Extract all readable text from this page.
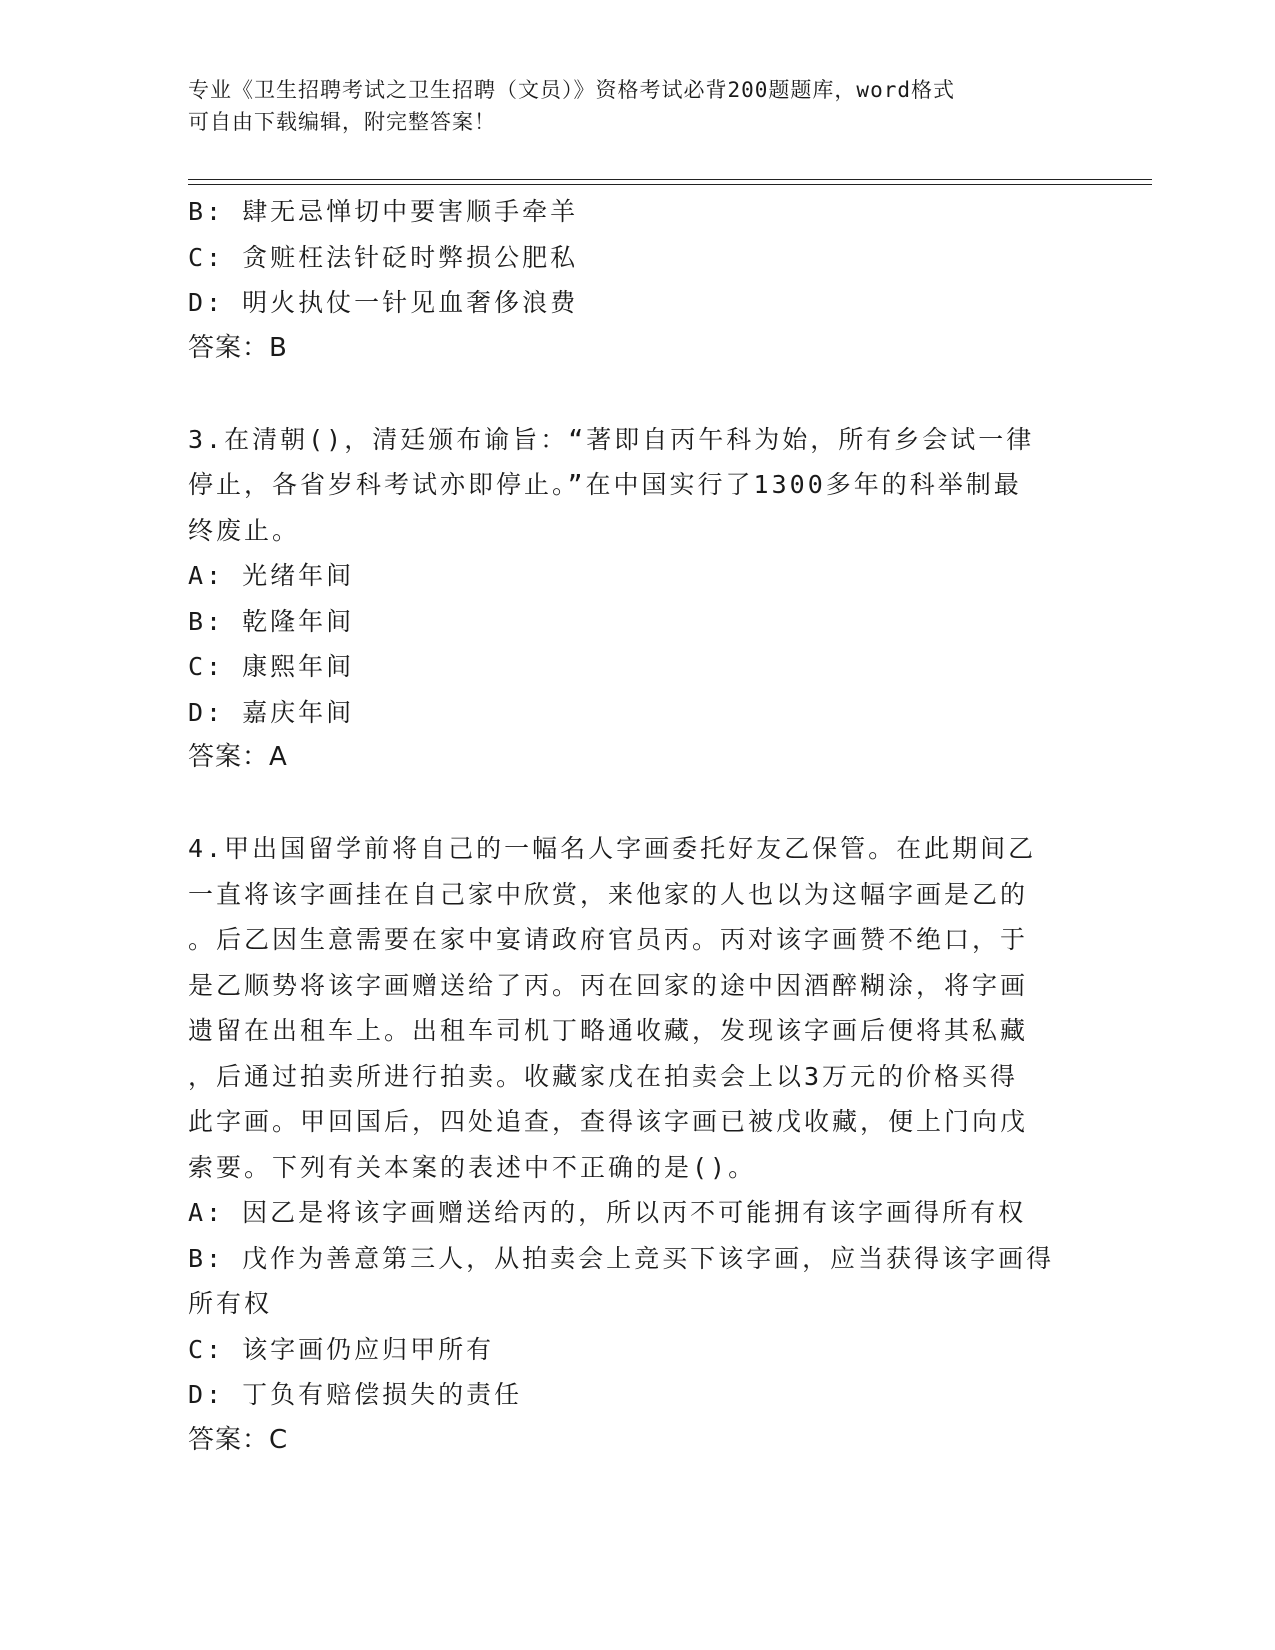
专业《卫生招聘考试之卫生招聘（文员）》资格考试必背200题题库，word格式
可自由下载编辑，附完整答案！
B: 肆无忌惮切中要害顺手牵羊
C: 贪赃枉法针砭时弊损公肥私
D: 明火执仗一针见血奢侈浪费
答案：B
3.在清朝()，清廷颁布谕旨：“著即自丙午科为始，所有乡会试一律
停止，各省岁科考试亦即停止。”在中国实行了1300多年的科举制最
终废止。
A: 光绪年间
B: 乾隆年间
C: 康熙年间
D: 嘉庆年间
答案：A
4.甲出国留学前将自己的一幅名人字画委托好友乙保管。在此期间乙
一直将该字画挂在自己家中欣赏，来他家的人也以为这幅字画是乙的
。后乙因生意需要在家中宴请政府官员丙。丙对该字画赞不绝口，于
是乙顺势将该字画赠送给了丙。丙在回家的途中因酒醉糊涂，将字画
遗留在出租车上。出租车司机丁略通收藏，发现该字画后便将其私藏
，后通过拍卖所进行拍卖。收藏家戊在拍卖会上以3万元的价格买得
此字画。甲回国后，四处追查，查得该字画已被戊收藏，便上门向戊
索要。下列有关本案的表述中不正确的是()。
A: 因乙是将该字画赠送给丙的，所以丙不可能拥有该字画得所有权
B: 戊作为善意第三人，从拍卖会上竞买下该字画，应当获得该字画得
所有权
C: 该字画仍应归甲所有
D: 丁负有赔偿损失的责任
答案：C
